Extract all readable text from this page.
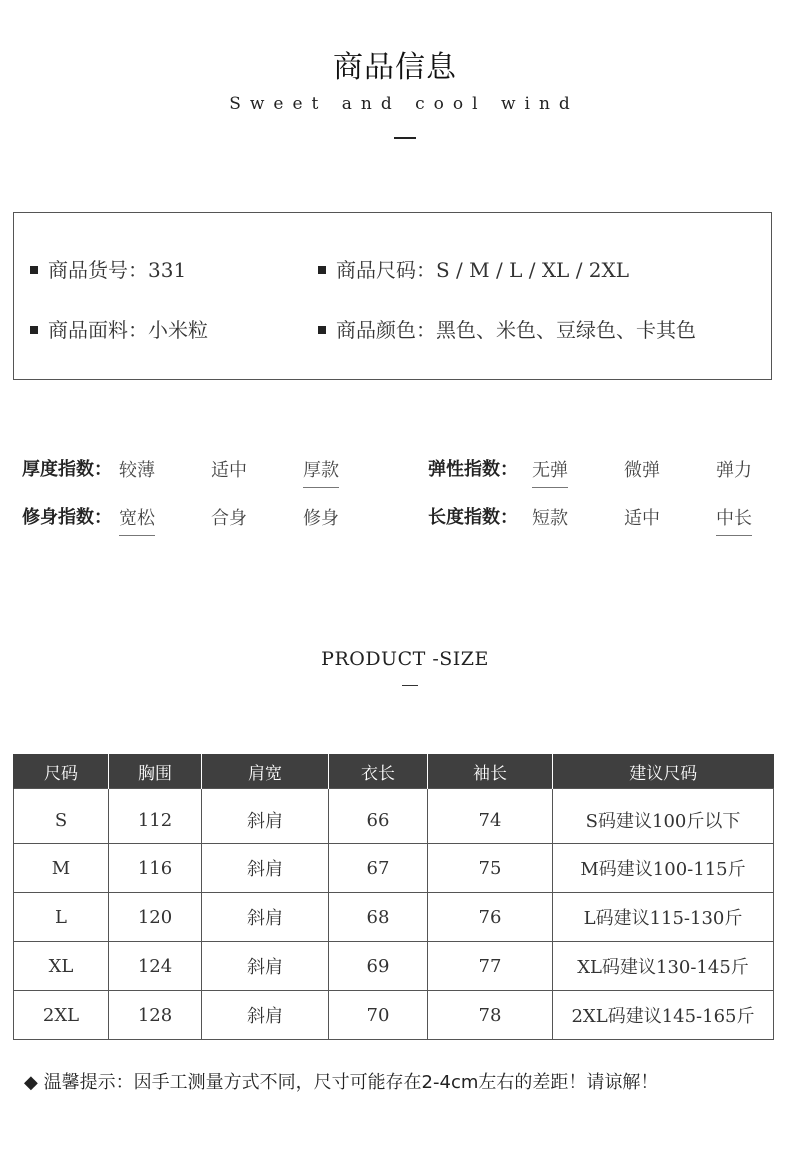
商品信息
Sweet and cool wind
商品货号：331	商品尺码：S / M / L / XL / 2XL
商品面料：小米粒	商品颜色：黑色、米色、豆绿色、卡其色
厚度指数： 较薄	适中	厚款	弹性指数： 无弹	微弹	弹力
修身指数： 宽松	合身	修身	长度指数： 短款	适中	中长
PRODUCT -SIZE
尺码	胸围	肩宽	衣长	袖长	建议尺码
S	112	斜肩	66	74	S码建议100斤以下
M	116	斜肩	67	75	M码建议100-115斤
L	120	斜肩	68	76	L码建议115-130斤
XL	124	斜肩	69	77	XL码建议130-145斤
2XL	128	斜肩	70	78	2XL码建议145-165斤
◆ 温馨提示：因手工测量方式不同，尺寸可能存在2-4cm左右的差距！请谅解！
